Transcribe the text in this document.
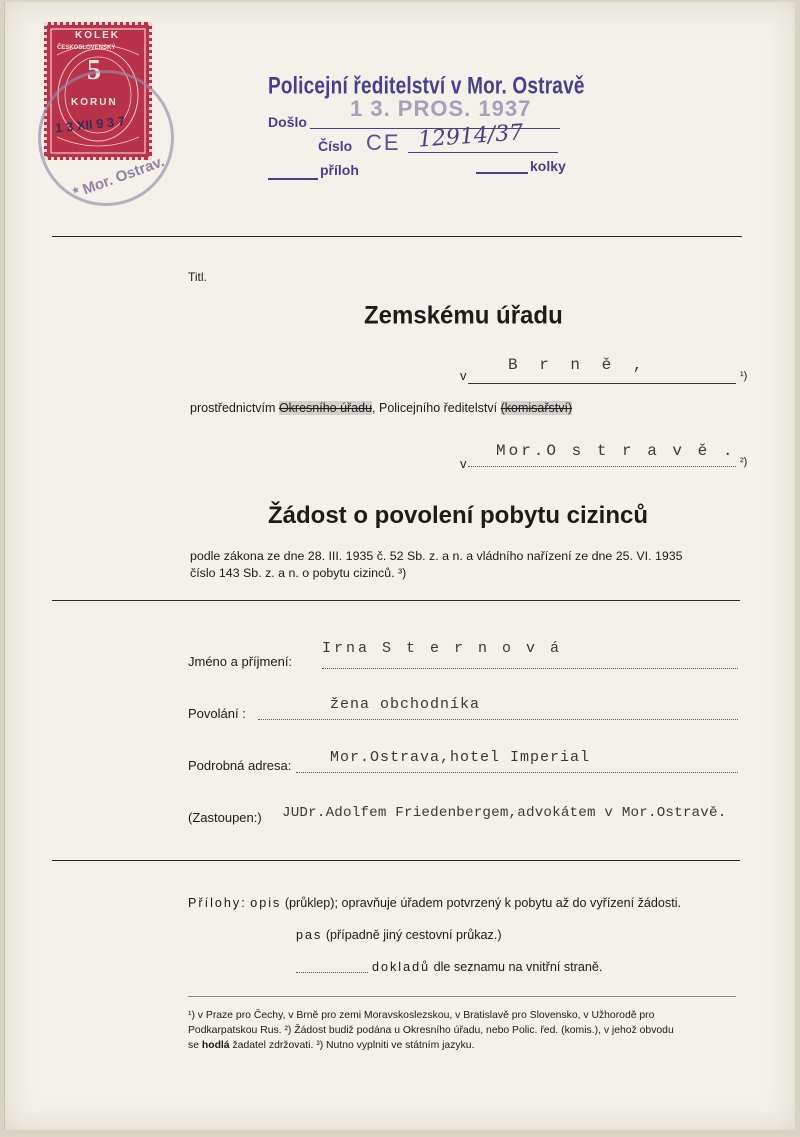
KOLEK
ČESKOSLOVENSKÝ
5
KORUN
1 3 XII 9 3 7
* Mor. Ostrav.
Policejní ředitelství v Mor. Ostravě
Došlo
1 3. PROS. 1937
Číslo CE 12914/37
příloh	kolky
Titl.
Zemskému úřadu
v
B r n ě ,
¹)
prostřednictvím Okresního úřadu, Policejního ředitelství (komisařství)
v
Mor.O s t r a v ě .
²)
Žádost o povolení pobytu cizinců
podle zákona ze dne 28. III. 1935 č. 52 Sb. z. a n. a vládního nařízení ze dne 25. VI. 1935
číslo 143 Sb. z. a n. o pobytu cizinců. ³)
Jméno a příjmení:
Irna S t e r n o v á
Povolání :
žena obchodníka
Podrobná adresa:	Mor.Ostrava,hotel Imperial
(Zastoupen:) JUDr.Adolfem Friedenbergem,advokátem v Mor.Ostravě.
Přílohy: opis (průklep); opravňuje úřadem potvrzený k pobytu až do vyřízení žádosti.
pas (případně jiný cestovní průkaz.)
dokladů dle seznamu na vnitřní straně.
¹) v Praze pro Čechy, v Brně pro zemi Moravskoslezskou, v Bratislavě pro Slovensko, v Užhorodě pro
Podkarpatskou Rus. ²) Žádost budiž podána u Okresního úřadu, nebo Polic. řed. (komis.), v jehož obvodu
se hodlá žadatel zdržovati. ³) Nutno vyplniti ve státním jazyku.
